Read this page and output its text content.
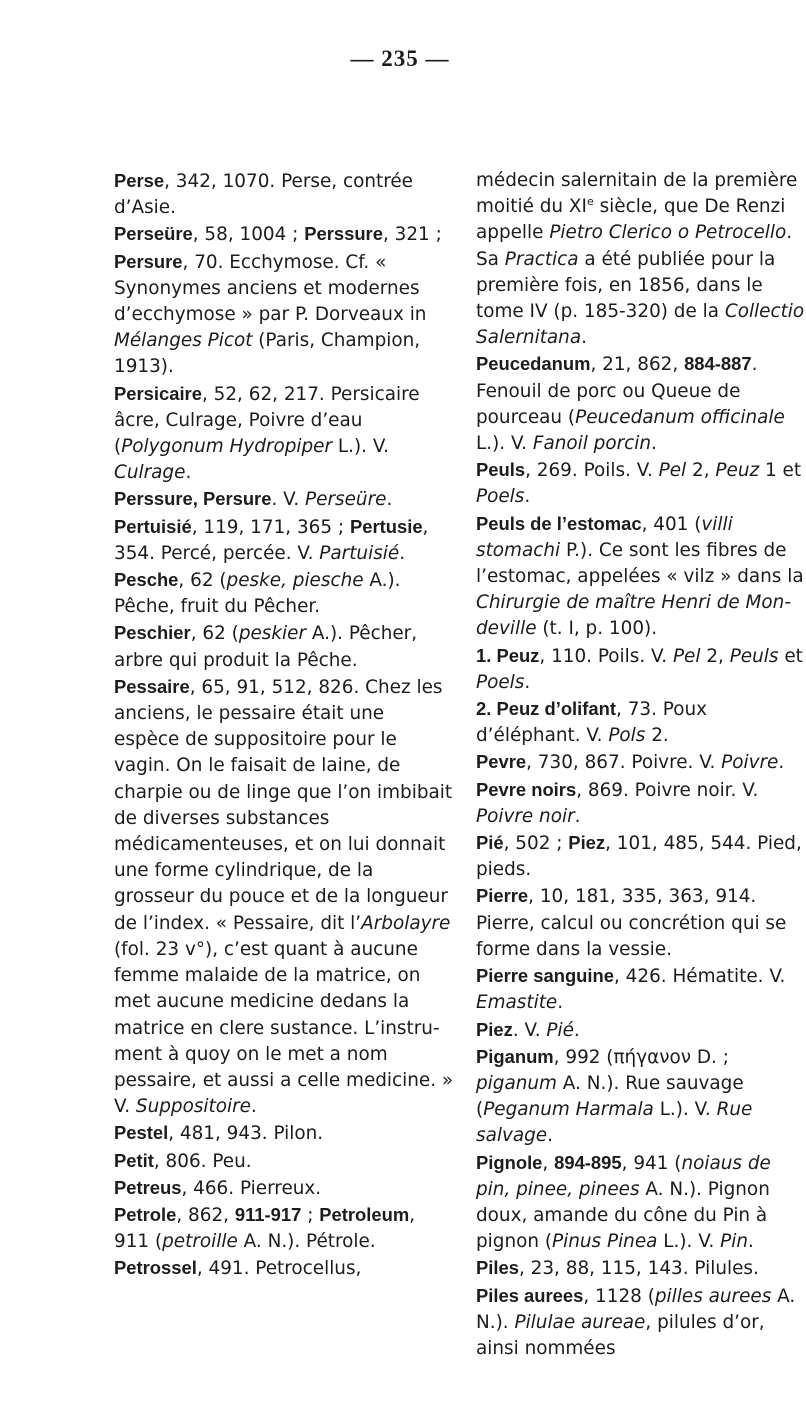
— 235 —

Perse, 342, 1070. Perse, contrée d’Asie.

Perseüre, 58, 1004 ; Perssure, 321 ; Persure, 70. Ecchymose. Cf. « Synonymes anciens et modernes d’ecchymose » par P. Dorveaux in Mélanges Picot (Paris, Champion, 1913).

Persicaire, 52, 62, 217. Persicaire âcre, Culrage, Poivre d’eau (Polygonum Hydropiper L.). V. Culrage.

Perssure, Persure. V. Perseüre.

Pertuisié, 119, 171, 365 ; Pertusie, 354. Percé, percée. V. Partuisié.

Pesche, 62 (peske, piesche A.). Pêche, fruit du Pêcher.

Peschier, 62 (peskier A.). Pêcher, arbre qui produit la Pêche.

Pessaire, 65, 91, 512, 826. Chez les anciens, le pessaire était une espèce de suppositoire pour le vagin. On le faisait de laine, de charpie ou de linge que l’on imbibait de diverses substances médicamenteuses, et on lui donnait une forme cylindrique, de la grosseur du pouce et de la longueur de l’index. « Pessaire, dit l’Arbolayre (fol. 23 v°), c’est quant à aucune femme malaide de la matrice, on met aucune medicine dedans la matrice en clere sustance. L’instrument à quoy on le met a nom pessaire, et aussi a celle medicine. » V. Suppositoire.

Pestel, 481, 943. Pilon.

Petit, 806. Peu.

Petreus, 466. Pierreux.

Petrole, 862, 911-917 ; Petroleum, 911 (petroille A. N.). Pétrole.

Petrossel, 491. Petrocellus,

médecin salernitain de la première moitié du XIe siècle, que De Renzi appelle Pietro Clerico o Petrocello. Sa Practica a été publiée pour la première fois, en 1856, dans le tome IV (p. 185-320) de la Collectio Salernitana.

Peucedanum, 21, 862, 884-887. Fenouil de porc ou Queue de pourceau (Peucedanum officinale L.). V. Fanoil porcin.

Peuls, 269. Poils. V. Pel 2, Peuz 1 et Poels.

Peuls de l’estomac, 401 (villi stomachi P.). Ce sont les fibres de l’estomac, appelées « vilz » dans la Chirurgie de maître Henri de Mondeville (t. I, p. 100).

1. Peuz, 110. Poils. V. Pel 2, Peuls et Poels.

2. Peuz d’olifant, 73. Poux d’éléphant. V. Pols 2.

Pevre, 730, 867. Poivre. V. Poivre.

Pevre noirs, 869. Poivre noir. V. Poivre noir.

Pié, 502 ; Piez, 101, 485, 544. Pied, pieds.

Pierre, 10, 181, 335, 363, 914. Pierre, calcul ou concrétion qui se forme dans la vessie.

Pierre sanguine, 426. Hématite. V. Emastite.

Piez. V. Pié.

Piganum, 992 (πήγανον D. ; piganum A. N.). Rue sauvage (Peganum Harmala L.). V. Rue salvage.

Pignole, 894-895, 941 (noiaus de pin, pinee, pinees A. N.). Pignon doux, amande du cône du Pin à pignon (Pinus Pinea L.). V. Pin.

Piles, 23, 88, 115, 143. Pilules.

Piles aurees, 1128 (pilles aurees A. N.). Pilulae aureae, pilules d’or, ainsi nommées
